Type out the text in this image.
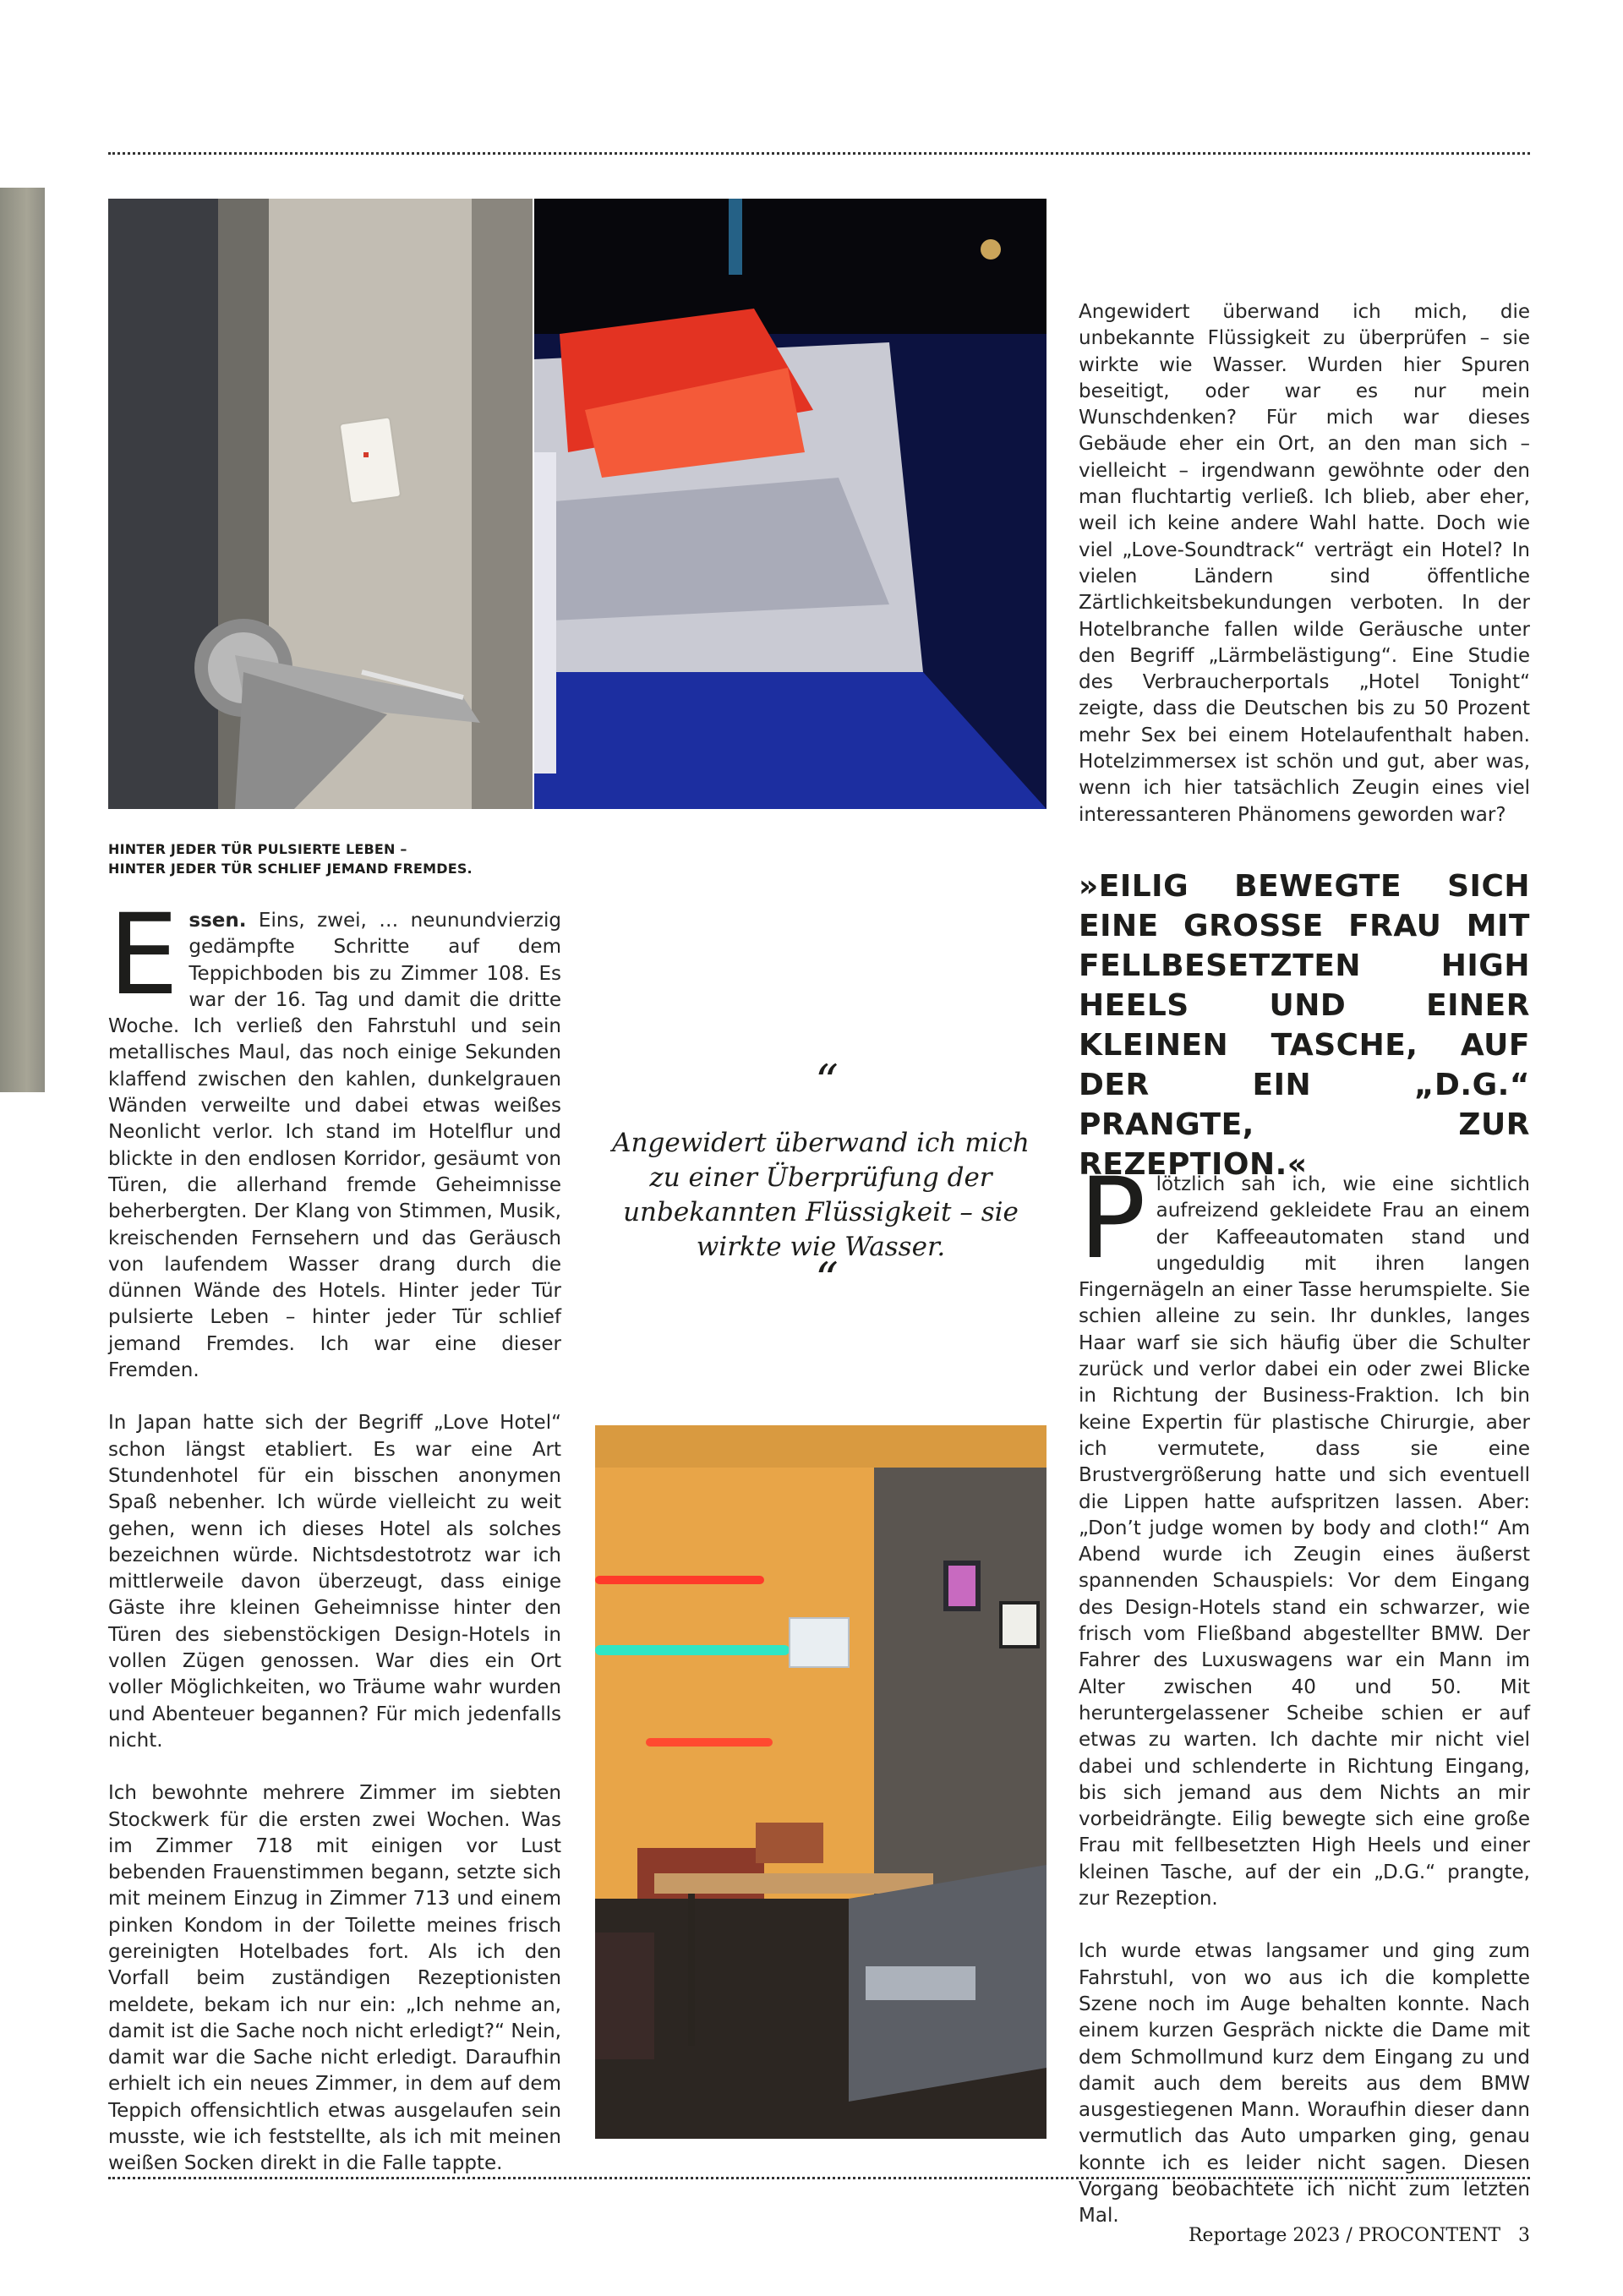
HINTER JEDER TÜR PULSIERTE LEBEN –
HINTER JEDER TÜR SCHLIEF JEMAND FREMDES.

Essen. Eins, zwei, … neunundvierzig gedämpfte Schritte auf dem Teppichboden bis zu Zimmer 108. Es war der 16. Tag und damit die dritte Woche. Ich verließ den Fahrstuhl und sein metallisches Maul, das noch einige Sekunden klaffend zwischen den kahlen, dunkelgrauen Wänden verweilte und dabei etwas weißes Neonlicht verlor. Ich stand im Hotelflur und blickte in den endlosen Korridor, gesäumt von Türen, die allerhand fremde Geheimnisse beherbergten. Der Klang von Stimmen, Musik, kreischenden Fernsehern und das Geräusch von laufendem Wasser drang durch die dünnen Wände des Hotels. Hinter jeder Tür pulsierte Leben – hinter jeder Tür schlief jemand Fremdes. Ich war eine dieser Fremden.

In Japan hatte sich der Begriff „Love Hotel“ schon längst etabliert. Es war eine Art Stundenhotel für ein bisschen anonymen Spaß nebenher. Ich würde vielleicht zu weit gehen, wenn ich dieses Hotel als solches bezeichnen würde. Nichtsdestotrotz war ich mittlerweile davon überzeugt, dass einige Gäste ihre kleinen Geheimnisse hinter den Türen des siebenstöckigen Design-Hotels in vollen Zügen genossen. War dies ein Ort voller Möglichkeiten, wo Träume wahr wurden und Abenteuer begannen? Für mich jedenfalls nicht.

Ich bewohnte mehrere Zimmer im siebten Stockwerk für die ersten zwei Wochen. Was im Zimmer 718 mit einigen vor Lust bebenden Frauenstimmen begann, setzte sich mit meinem Einzug in Zimmer 713 und einem pinken Kondom in der Toilette meines frisch gereinigten Hotelbades fort. Als ich den Vorfall beim zuständigen Rezeptionisten meldete, bekam ich nur ein: „Ich nehme an, damit ist die Sache noch nicht erledigt?“ Nein, damit war die Sache nicht erledigt. Daraufhin erhielt ich ein neues Zimmer, in dem auf dem Teppich offensichtlich etwas ausgelaufen sein musste, wie ich feststellte, als ich mit meinen weißen Socken direkt in die Falle tappte.

“
Angewidert überwand ich mich zu einer Überprüfung der unbekannten Flüssigkeit – sie wirkte wie Wasser.
“

Angewidert überwand ich mich, die unbekannte Flüssigkeit zu überprüfen – sie wirkte wie Wasser. Wurden hier Spuren beseitigt, oder war es nur mein Wunschdenken? Für mich war dieses Gebäude eher ein Ort, an den man sich – vielleicht – irgendwann gewöhnte oder den man fluchtartig verließ. Ich blieb, aber eher, weil ich keine andere Wahl hatte. Doch wie viel „Love-Soundtrack“ verträgt ein Hotel? In vielen Ländern sind öffentliche Zärtlichkeitsbekundungen verboten. In der Hotelbranche fallen wilde Geräusche unter den Begriff „Lärmbelästigung“. Eine Studie des Verbraucherportals „Hotel Tonight“ zeigte, dass die Deutschen bis zu 50 Prozent mehr Sex bei einem Hotelaufenthalt haben. Hotelzimmersex ist schön und gut, aber was, wenn ich hier tatsächlich Zeugin eines viel interessanteren Phänomens geworden war?

»EILIG BEWEGTE SICH EINE GROSSE FRAU MIT FELLBESETZTEN HIGH HEELS UND EINER KLEINEN TASCHE, AUF DER EIN „D.G.“ PRANGTE, ZUR REZEPTION.«

Plötzlich sah ich, wie eine sichtlich aufreizend gekleidete Frau an einem der Kaffeeautomaten stand und ungeduldig mit ihren langen Fingernägeln an einer Tasse herumspielte. Sie schien alleine zu sein. Ihr dunkles, langes Haar warf sie sich häufig über die Schulter zurück und verlor dabei ein oder zwei Blicke in Richtung der Business-Fraktion. Ich bin keine Expertin für plastische Chirurgie, aber ich vermutete, dass sie eine Brustvergrößerung hatte und sich eventuell die Lippen hatte aufspritzen lassen. Aber: „Don’t judge women by body and cloth!“ Am Abend wurde ich Zeugin eines äußerst spannenden Schauspiels: Vor dem Eingang des Design-Hotels stand ein schwarzer, wie frisch vom Fließband abgestellter BMW. Der Fahrer des Luxuswagens war ein Mann im Alter zwischen 40 und 50. Mit heruntergelassener Scheibe schien er auf etwas zu warten. Ich dachte mir nicht viel dabei und schlenderte in Richtung Eingang, bis sich jemand aus dem Nichts an mir vorbeidrängte. Eilig bewegte sich eine große Frau mit fellbesetzten High Heels und einer kleinen Tasche, auf der ein „D.G.“ prangte, zur Rezeption.

Ich wurde etwas langsamer und ging zum Fahrstuhl, von wo aus ich die komplette Szene noch im Auge behalten konnte. Nach einem kurzen Gespräch nickte die Dame mit dem Schmollmund kurz dem Eingang zu und damit auch dem bereits aus dem BMW ausgestiegenen Mann. Woraufhin dieser dann vermutlich das Auto umparken ging, genau konnte ich es leider nicht sagen. Diesen Vorgang beobachtete ich nicht zum letzten Mal.

Reportage 2023 / PROCONTENT 3
